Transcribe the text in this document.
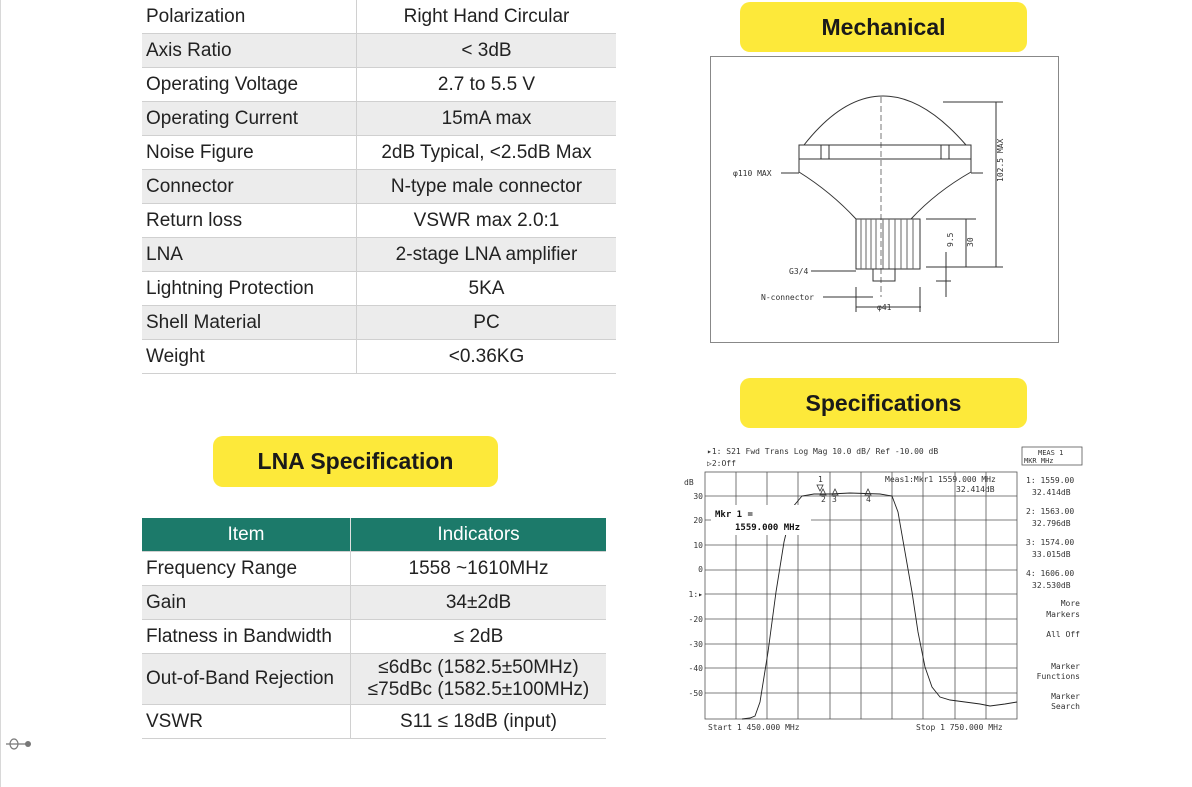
Polarization	Right Hand Circular
Axis Ratio	< 3dB
Operating Voltage	2.7 to 5.5 V
Operating Current	15mA max
Noise Figure	2dB Typical, <2.5dB Max
Connector	N-type male connector
Return loss	VSWR max 2.0:1
LNA	2-stage LNA amplifier
Lightning Protection	5KA
Shell Material	PC
Weight	<0.36KG
Mechanical
φ110 MAX	102.5 MAX
G3/4
N-connector
φ41
9.5 30
Specifications
▸1: S21 Fwd Trans Log Mag 10.0 dB/ Ref -10.00 dB
▷2:Off
dB	Meas1:Mkr1 1559.000 MHz
32.414dB
Start 1 450.000 MHz	Stop 1 750.000 MHz
30
20
10
0
1:▸
-20
-30
-40
-50
1
2 3	4
Mkr 1 =
1559.000 MHz
MEAS 1
MKR MHz
1: 1559.00
32.414dB
2: 1563.00
32.796dB
3: 1574.00
33.015dB
4: 1606.00
32.530dB
More
Markers
All Off
Marker
Functions
Marker
Search
LNA Specification
Item	Indicators
Frequency Range	1558 ~1610MHz
Gain	34±2dB
Flatness in Bandwidth	≤ 2dB
Out-of-Band Rejection	≤6dBc (1582.5±50MHz)
≤75dBc (1582.5±100MHz)

VSWR	S11 ≤ 18dB (input)
